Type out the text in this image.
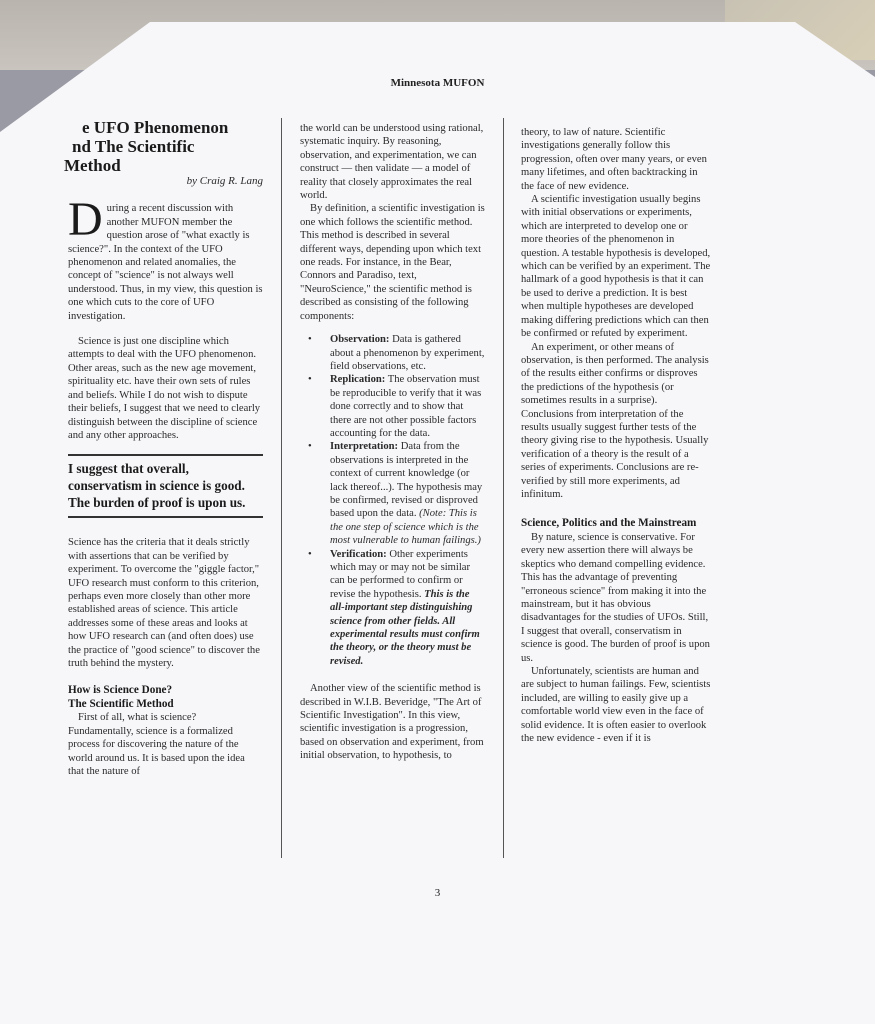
Minnesota MUFON
e UFO Phenomenon
nd The Scientific
Method

by Craig R. Lang

During a recent discussion with another MUFON member the question arose of "what exactly is science?". In the context of the UFO phenomenon and related anomalies, the concept of "science" is not always well understood. Thus, in my view, this question is one which cuts to the core of UFO investigation.

Science is just one discipline which attempts to deal with the UFO phenomenon. Other areas, such as the new age movement, spirituality etc. have their own sets of rules and beliefs. While I do not wish to dispute their beliefs, I suggest that we need to clearly distinguish between the discipline of science and any other approaches.

I suggest that overall, conservatism in science is good. The burden of proof is upon us.

Science has the criteria that it deals strictly with assertions that can be verified by experiment. To overcome the "giggle factor," UFO research must conform to this criterion, perhaps even more closely than other more established areas of science. This article addresses some of these areas and looks at how UFO research can (and often does) use the practice of "good science" to discover the truth behind the mystery.

How is Science Done?
The Scientific Method

First of all, what is science? Fundamentally, science is a formalized process for discovering the nature of the world around us. It is based upon the idea that the nature of

the world can be understood using rational, systematic inquiry. By reasoning, observation, and experimentation, we can construct — then validate — a model of reality that closely approximates the real world.

By definition, a scientific investigation is one which follows the scientific method. This method is described in several different ways, depending upon which text one reads. For instance, in the Bear, Connors and Paradiso, text, "NeuroScience," the scientific method is described as consisting of the following components:

• Observation: Data is gathered about a phenomenon by experiment, field observations, etc.
• Replication: The observation must be reproducible to verify that it was done correctly and to show that there are not other possible factors accounting for the data.
• Interpretation: Data from the observations is interpreted in the context of current knowledge (or lack thereof...). The hypothesis may be confirmed, revised or disproved based upon the data. (Note: This is the one step of science which is the most vulnerable to human failings.)
• Verification: Other experiments which may or may not be similar can be performed to confirm or revise the hypothesis. This is the all-important step distinguishing science from other fields. All experimental results must confirm the theory, or the theory must be revised.

Another view of the scientific method is described in W.I.B. Beveridge, "The Art of Scientific Investigation". In this view, scientific investigation is a progression, based on observation and experiment, from initial observation, to hypothesis, to

theory, to law of nature. Scientific investigations generally follow this progression, often over many years, or even many lifetimes, and often backtracking in the face of new evidence.

A scientific investigation usually begins with initial observations or experiments, which are interpreted to develop one or more theories of the phenomenon in question. A testable hypothesis is developed, which can be verified by an experiment. The hallmark of a good hypothesis is that it can be used to derive a prediction. It is best when multiple hypotheses are developed making differing predictions which can then be confirmed or refuted by experiment.

An experiment, or other means of observation, is then performed. The analysis of the results either confirms or disproves the predictions of the hypothesis (or sometimes results in a surprise). Conclusions from interpretation of the results usually suggest further tests of the theory giving rise to the hypothesis. Usually verification of a theory is the result of a series of experiments. Conclusions are re-verified by still more experiments, ad infinitum.

Science, Politics and the Mainstream

By nature, science is conservative. For every new assertion there will always be skeptics who demand compelling evidence. This has the advantage of preventing "erroneous science" from making it into the mainstream, but it has obvious disadvantages for the studies of UFOs. Still, I suggest that overall, conservatism in science is good. The burden of proof is upon us.

Unfortunately, scientists are human and are subject to human failings. Few, scientists included, are willing to easily give up a comfortable world view even in the face of solid evidence. It is often easier to overlook the new evidence - even if it is

3
